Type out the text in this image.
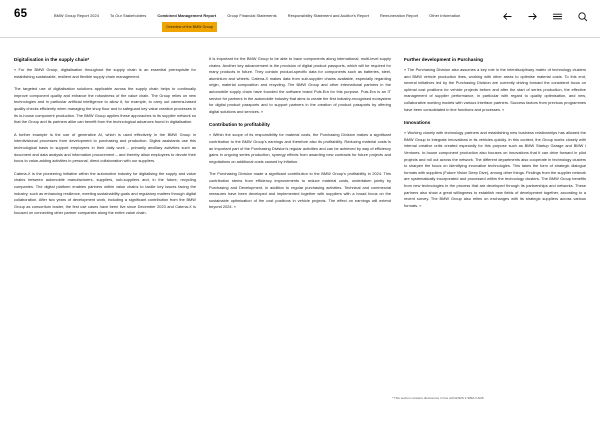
65	BMW Group Report 2024	To Our Stakeholders	Combined Management Report	Group Financial Statements	Responsibility Statement and Auditor's Report	Remuneration Report	Other Information
Overview of the BMW Group
Digitalisation in the supply chain*

» For the BMW Group, digitalisation throughout the supply chain is an essential prerequisite for establishing sustainable, resilient and flexible supply chain management.

The targeted use of digitalisation solutions applicable across the supply chain helps to continually improve component quality and enhance the robustness of the value chain. The Group relies on new technologies and in particular artificial intelligence to allow it, for example, to carry out camera-based quality checks efficiently when managing the shop floor and to safeguard key value creation processes in its in-house component production. The BMW Group applies these approaches to its supplier network so that the Group and its partners alike can benefit from the technological advances found in digitalisation.

A further example is the use of generative AI, which is used effectively in the BMW Group in interdivisional processes from development to purchasing and production. Digital assistants use this technological basis to support employees in their daily work – primarily ancillary activities such as document and data analysis and information procurement – and thereby allow employees to devote their focus to value-adding activities in personal, direct collaboration with our suppliers.

Catena-X is the pioneering initiative within the automotive industry for digitalising the supply and value chains between automobile manufacturers, suppliers, sub-suppliers and, in the future, recycling companies. The digital platform enables partners within value chains to tackle key issues facing the industry, such as enhancing resilience, meeting sustainability goals and regulatory matters through digital collaboration. After two years of development work, including a significant contribution from the BMW Group as consortium leader, the first use cases have been live since December 2023 and Catena-X is focused on connecting other partner companies along the entire value chain.

It is important for the BMW Group to be able to trace components along international, multi-level supply chains. Another key advancement is the provision of digital product passports, which will be required for many products in future. They contain product-specific data for components such as batteries, steel, aluminium and wheels. Catena-X makes data from sub-supplier chains available, especially regarding origin, material composition and recycling. The BMW Group and other international partners in the automobile supply chain have founded the software brand Puls.Era for this purpose. Puls.Era is an IT service for partners in the automobile industry that aims to create the first industry-recognised ecosystem for digital product passports and to support partners in the creation of product passports by offering digital solutions and services. «

Contribution to profitability

» Within the scope of its responsibility for material costs, the Purchasing Division makes a significant contribution to the BMW Group's earnings and therefore also its profitability. Reducing material costs is an important part of the Purchasing Division's regular activities and can be achieved by way of efficiency gains in ongoing series production, synergy effects from awarding new contracts for future projects and negotiations on additional costs caused by inflation.

The Purchasing Division made a significant contribution to the BMW Group's profitability in 2024. This contribution stems from efficiency improvements to reduce material costs, undertaken jointly by Purchasing and Development, in addition to regular purchasing activities. Technical and commercial measures have been developed and implemented together with suppliers with a broad focus on the sustainable optimisation of the cost positions in vehicle projects. The effect on earnings will extend beyond 2024. «

Further development in Purchasing

» The Purchasing Division also assumes a key role in the interdisciplinary matrix of technology clusters and BMW vehicle production lines, working with other areas to optimise material costs. To this end, several initiatives led by the Purchasing Division are currently driving forward the consistent focus on optimal cost positions for vehicle projects before and after the start of series production, the effective management of supplier performance, in particular with regard to quality optimisation, and new, collaborative working models with various interface partners. Success factors from previous programmes have been consolidated in line functions and processes. «

Innovations

» Working closely with technology partners and establishing new business relationships has allowed the BMW Group to integrate innovations in its vehicles quickly. In this context, the Group works closely with internal creative units created especially for this purpose such as BMW Startup Garage and BMW i Ventures. In-house component production also focuses on innovations that it can drive forward in pilot projects and roll out across the network. The different departments also cooperate in technology clusters to sharpen the focus on identifying innovative technologies. This takes the form of strategic dialogue formats with suppliers (Future Vision Deep Dive), among other things. Findings from the supplier network are systematically incorporated and processed within the technology clusters. The BMW Group benefits from new technologies in the process that are developed through its partnerships and networks. These partners also show a great willingness to establish new fields of development together, according to a recent survey. The BMW Group also relies on exchanges with its strategic suppliers across various formats. «

* This section contains disclosures in line with ESRS 2 SBM-3 AR5.
